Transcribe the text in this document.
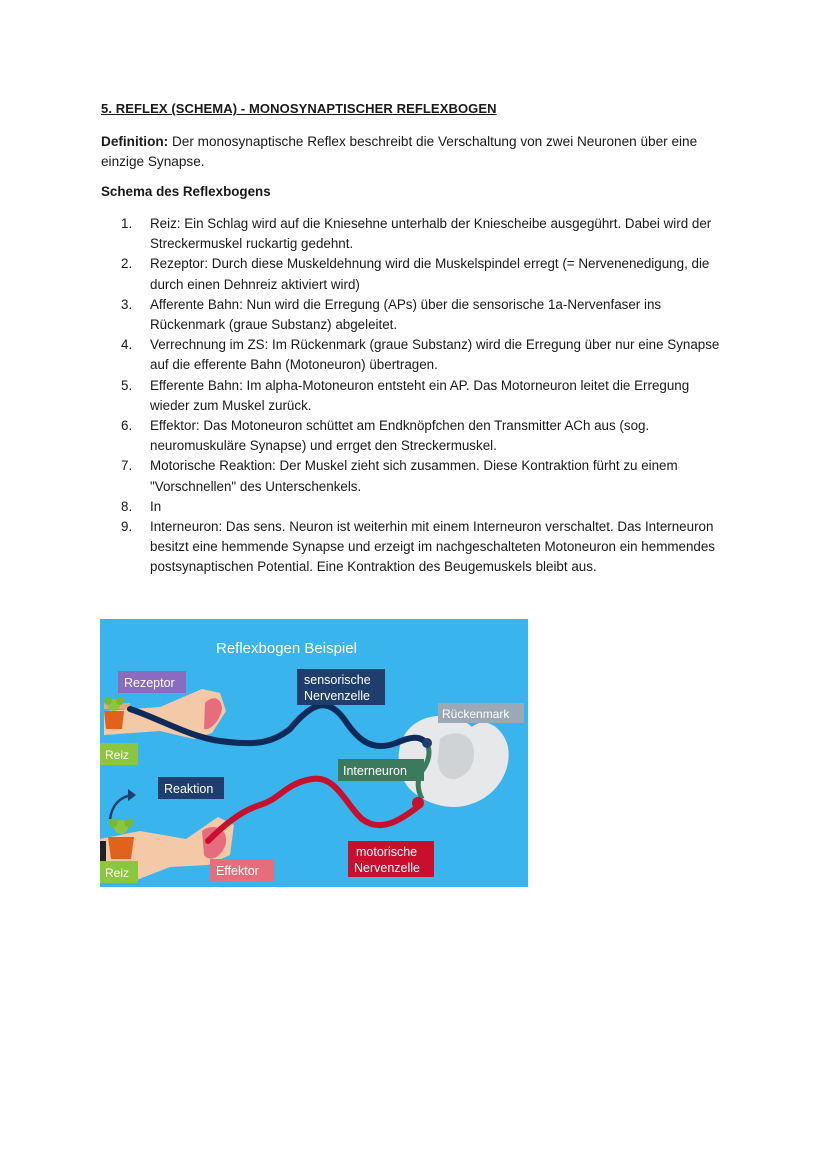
5. REFLEX (SCHEMA) - MONOSYNAPTISCHER REFLEXBOGEN
Definition: Der monosynaptische Reflex beschreibt die Verschaltung von zwei Neuronen über eine einzige Synapse.
Schema des Reflexbogens
1. Reiz: Ein Schlag wird auf die Kniesehne unterhalb der Kniescheibe ausgegührt. Dabei wird der Streckermuskel ruckartig gedehnt.
2. Rezeptor: Durch diese Muskeldehnung wird die Muskelspindel erregt (= Nervenenedigung, die durch einen Dehnreiz aktiviert wird)
3. Afferente Bahn: Nun wird die Erregung (APs) über die sensorische 1a-Nervenfaser ins Rückenmark (graue Substanz) abgeleitet.
4. Verrechnung im ZS: Im Rückenmark (graue Substanz) wird die Erregung über nur eine Synapse auf die efferente Bahn (Motoneuron) übertragen.
5. Efferente Bahn: Im alpha-Motoneuron entsteht ein AP. Das Motorneuron leitet die Erregung wieder zum Muskel zurück.
6. Effektor: Das Motoneuron schüttet am Endknöpfchen den Transmitter ACh aus (sog. neuromuskuläre Synapse) und errget den Streckermuskel.
7. Motorische Reaktion: Der Muskel zieht sich zusammen. Diese Kontraktion fürht zu einem "Vorschnellen" des Unterschenkels.
8. In
9. Interneuron: Das sens. Neuron ist weiterhin mit einem Interneuron verschaltet. Das Interneuron besitzt eine hemmende Synapse und erzeigt im nachgeschalteten Motoneuron ein hemmendes postsynaptischen Potential. Eine Kontraktion des Beugemuskels bleibt aus.
Reflexbogen Beispiel
Rezeptor	sensorische
Nervenzelle
Rückenmark
Reiz
Interneuron
Reaktion
motorische
Nervenzelle
Effektor
Reiz
